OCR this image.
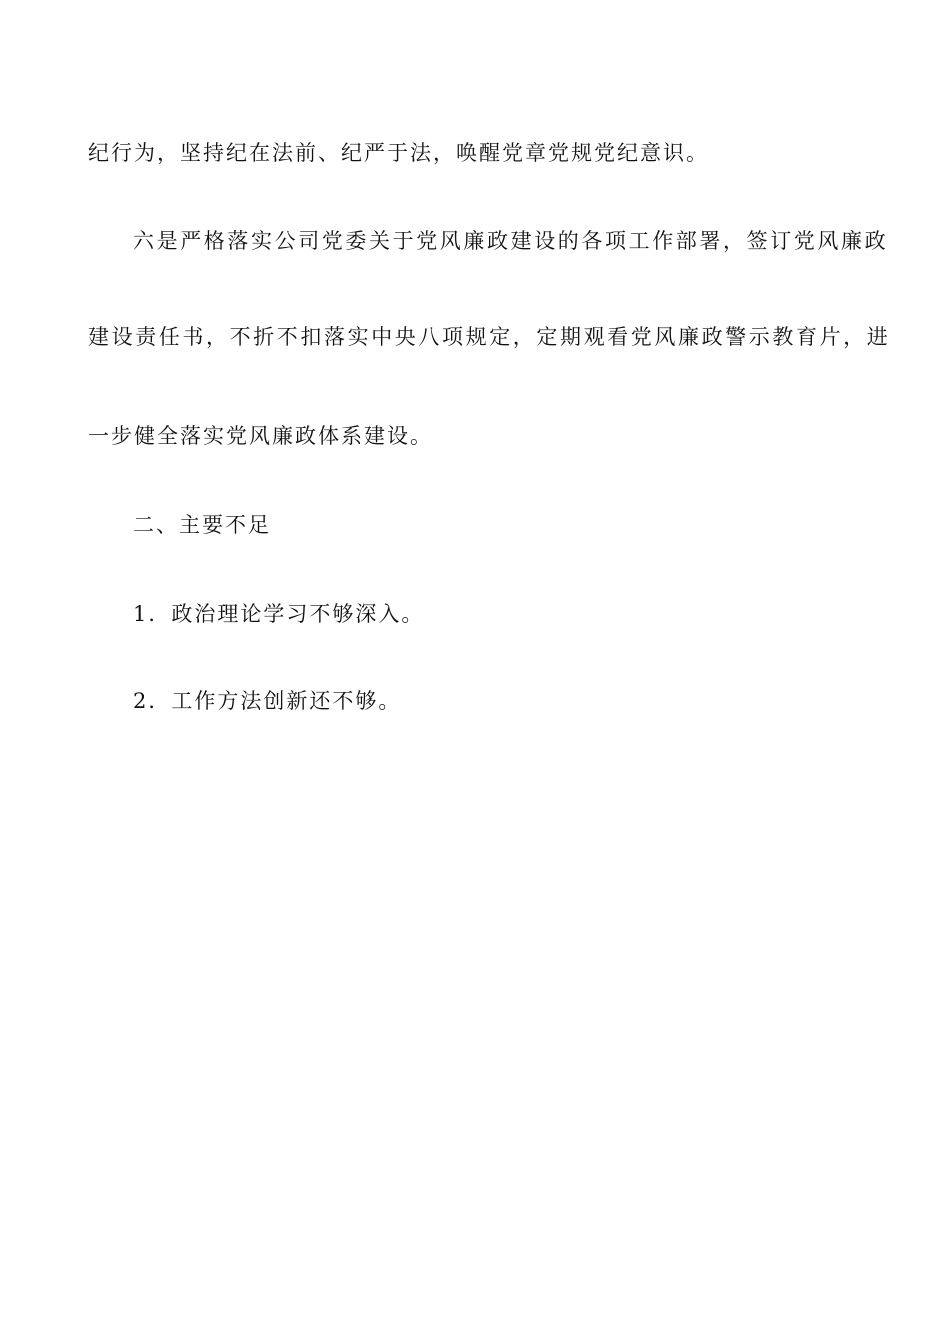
纪行为，坚持纪在法前、纪严于法，唤醒党章党规党纪意识。
六是严格落实公司党委关于党风廉政建设的各项工作部署，签订党风廉政
建设责任书，不折不扣落实中央八项规定，定期观看党风廉政警示教育片，进
一步健全落实党风廉政体系建设。
二、主要不足
1．政治理论学习不够深入。
2．工作方法创新还不够。
